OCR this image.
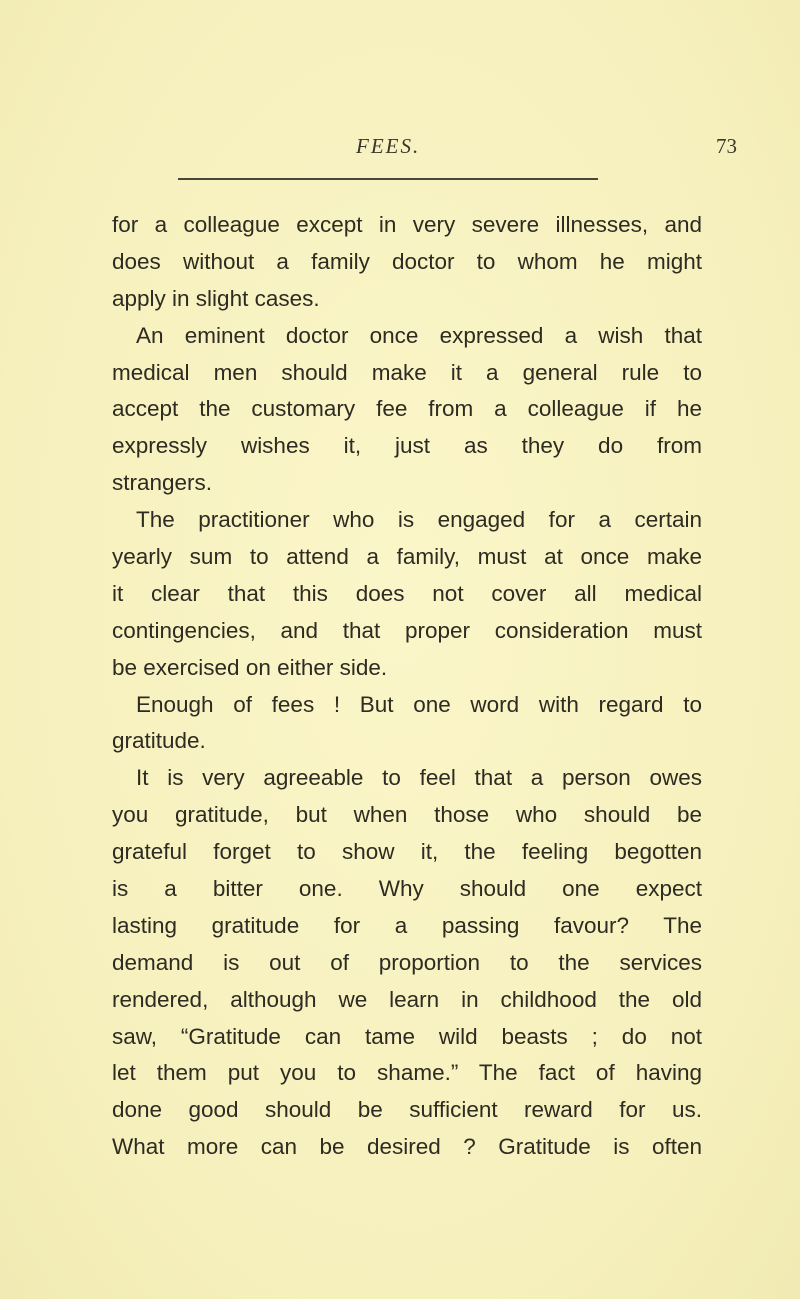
FEES.	73
for a colleague except in very severe illnesses, and
does without a family doctor to whom he might
apply in slight cases.
An eminent doctor once expressed a wish that
medical men should make it a general rule to
accept the customary fee from a colleague if he
expressly wishes it, just as they do from
strangers.
The practitioner who is engaged for a certain
yearly sum to attend a family, must at once make
it clear that this does not cover all medical
contingencies, and that proper consideration must
be exercised on either side.
Enough of fees ! But one word with regard to
gratitude.
It is very agreeable to feel that a person owes
you gratitude, but when those who should be
grateful forget to show it, the feeling begotten
is a bitter one. Why should one expect
lasting gratitude for a passing favour? The
demand is out of proportion to the services
rendered, although we learn in childhood the old
saw, “Gratitude can tame wild beasts ; do not
let them put you to shame.” The fact of having
done good should be sufficient reward for us.
What more can be desired ? Gratitude is often
